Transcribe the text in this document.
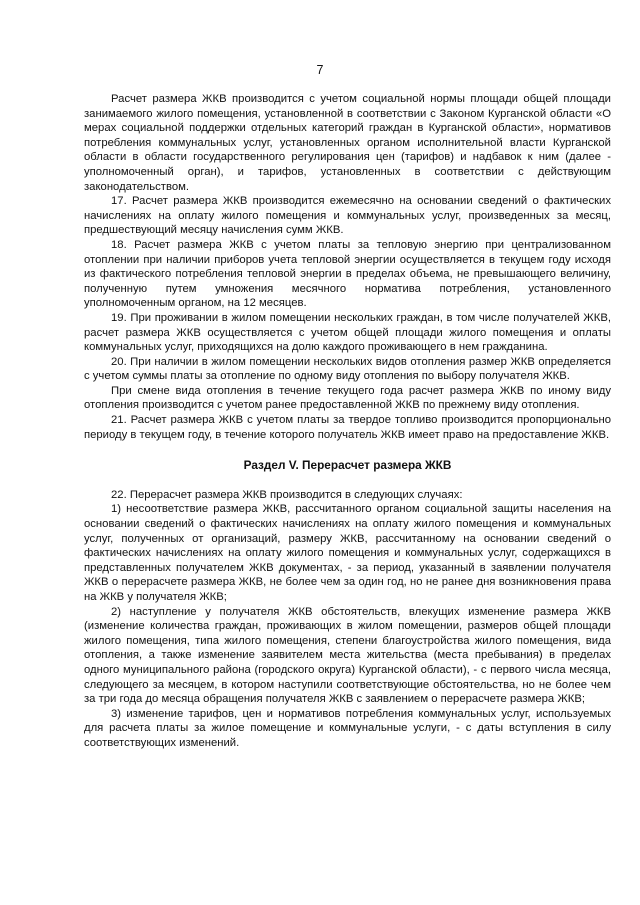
7

Расчет размера ЖКВ производится с учетом социальной нормы площади общей площади занимаемого жилого помещения, установленной в соответствии с Законом Курганской области «О мерах социальной поддержки отдельных категорий граждан в Курганской области», нормативов потребления коммунальных услуг, установленных органом исполнительной власти Курганской области в области государственного регулирования цен (тарифов) и надбавок к ним (далее - уполномоченный орган), и тарифов, установленных в соответствии с действующим законодательством.

17. Расчет размера ЖКВ производится ежемесячно на основании сведений о фактических начислениях на оплату жилого помещения и коммунальных услуг, произведенных за месяц, предшествующий месяцу начисления сумм ЖКВ.

18. Расчет размера ЖКВ с учетом платы за тепловую энергию при централизованном отоплении при наличии приборов учета тепловой энергии осуществляется в текущем году исходя из фактического потребления тепловой энергии в пределах объема, не превышающего величину, полученную путем умножения месячного норматива потребления, установленного уполномоченным органом, на 12 месяцев.

19. При проживании в жилом помещении нескольких граждан, в том числе получателей ЖКВ, расчет размера ЖКВ осуществляется с учетом общей площади жилого помещения и оплаты коммунальных услуг, приходящихся на долю каждого проживающего в нем гражданина.

20. При наличии в жилом помещении нескольких видов отопления размер ЖКВ определяется с учетом суммы платы за отопление по одному виду отопления по выбору получателя ЖКВ.

При смене вида отопления в течение текущего года расчет размера ЖКВ по иному виду отопления производится с учетом ранее предоставленной ЖКВ по прежнему виду отопления.

21. Расчет размера ЖКВ с учетом платы за твердое топливо производится пропорционально периоду в текущем году, в течение которого получатель ЖКВ имеет право на предоставление ЖКВ.

Раздел V. Перерасчет размера ЖКВ

22. Перерасчет размера ЖКВ производится в следующих случаях:

1) несоответствие размера ЖКВ, рассчитанного органом социальной защиты населения на основании сведений о фактических начислениях на оплату жилого помещения и коммунальных услуг, полученных от организаций, размеру ЖКВ, рассчитанному на основании сведений о фактических начислениях на оплату жилого помещения и коммунальных услуг, содержащихся в представленных получателем ЖКВ документах, - за период, указанный в заявлении получателя ЖКВ о перерасчете размера ЖКВ, не более чем за один год, но не ранее дня возникновения права на ЖКВ у получателя ЖКВ;

2) наступление у получателя ЖКВ обстоятельств, влекущих изменение размера ЖКВ (изменение количества граждан, проживающих в жилом помещении, размеров общей площади жилого помещения, типа жилого помещения, степени благоустройства жилого помещения, вида отопления, а также изменение заявителем места жительства (места пребывания) в пределах одного муниципального района (городского округа) Курганской области), - с первого числа месяца, следующего за месяцем, в котором наступили соответствующие обстоятельства, но не более чем за три года до месяца обращения получателя ЖКВ с заявлением о перерасчете размера ЖКВ;

3) изменение тарифов, цен и нормативов потребления коммунальных услуг, используемых для расчета платы за жилое помещение и коммунальные услуги, - с даты вступления в силу соответствующих изменений.
